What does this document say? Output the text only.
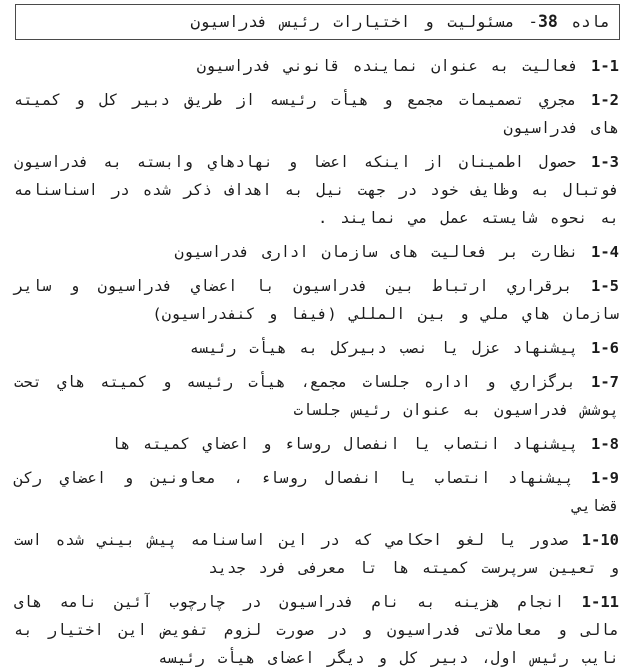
ماده 38- مسئوليت و اختيارات رئيس فدراسيون

1-1 فعاليت به عنوان نماينده قانوني فدراسيون

1-2 مجري تصميمات مجمع و هيأت رئيسه از طريق دبير كل و كميته های فدراسيون

1-3 حصول اطمينان از اينكه اعضا و نهادهاي وابسته به فدراسيون فوتبال به وظايف خود در جهت نيل به اهداف ذكر شده در اسناسنامه به نحوه شايسته عمل مي نمايند .

1-4 نظارت بر فعاليت های سازمان اداری فدراسيون

1-5 برقراري ارتباط بين فدراسيون با اعضاي فدراسيون و ساير سازمان هاي ملي و بين المللي (فيفا و كنفدراسيون)

1-6 پيشنهاد عزل يا نصب دبيركل به هيأت رئيسه

1-7 برگزاري و اداره جلسات مجمع، هيأت رئيسه و كميته هاي تحت پوشش فدراسيون به عنوان رئيس جلسات

1-8 پيشنهاد انتصاب يا انفصال روساء و اعضاي كميته ها

1-9 پيشنهاد انتصاب يا انفصال روساء ، معاونين و اعضاي ركن قضايي

1-10 صدور يا لغو احكامي كه در اين اساسنامه پيش بيني شده است و تعيين سرپرست كميته ها تا معرفی فرد جديد

1-11 انجام هزينه به نام فدراسيون در چارچوب آئين نامه های مالی و معاملاتی فدراسيون و در صورت لزوم تفويض اين اختيار به نايب رئيس اول، دبير كل و ديگر اعضای هيأت رئيسه
